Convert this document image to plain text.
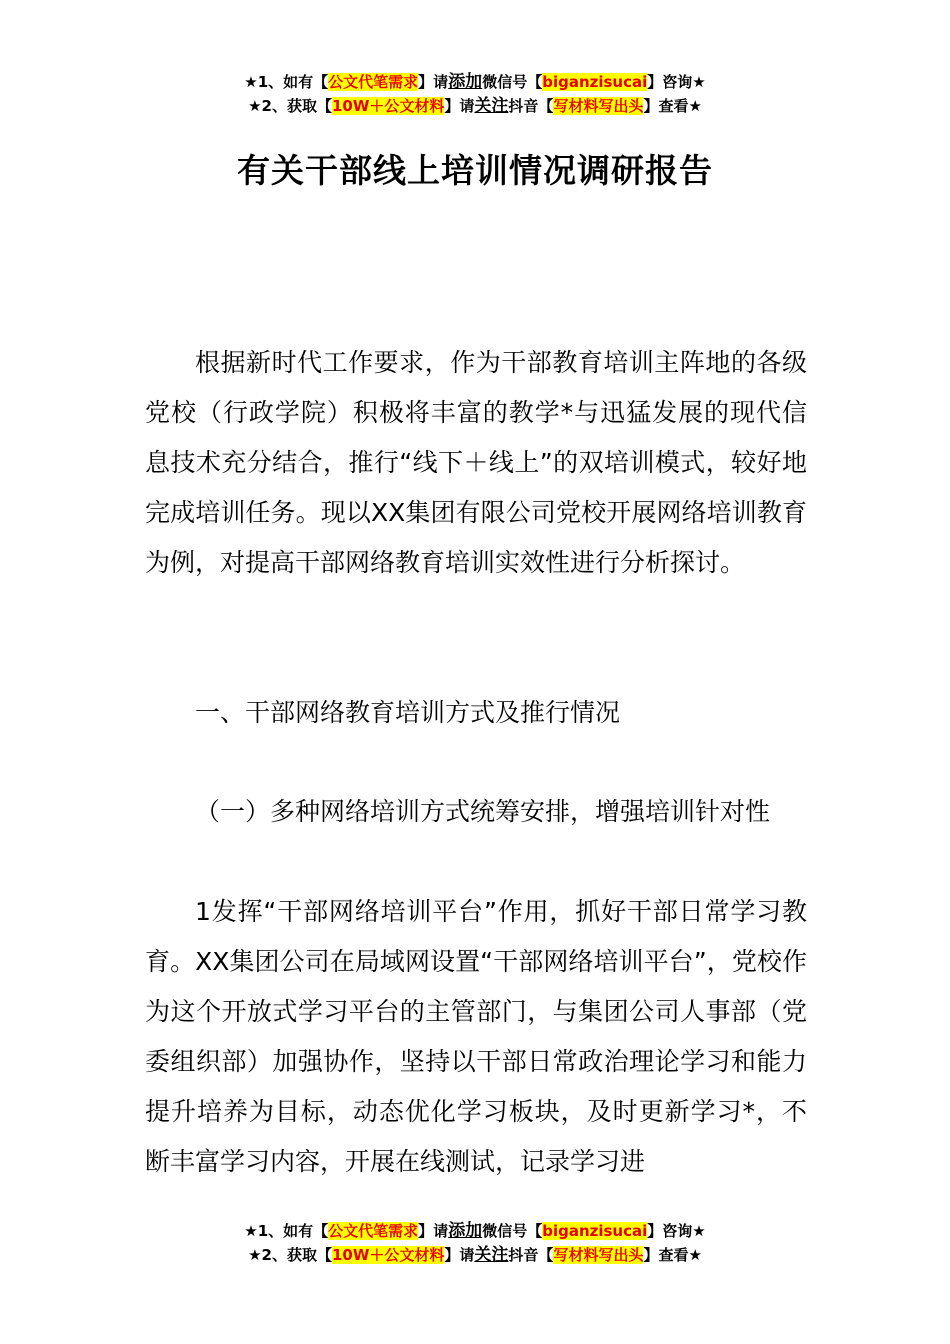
★1、如有【公文代笔需求】请添加微信号【biganzisucai】咨询★
★2、获取【10W＋公文材料】请关注抖音【写材料写出头】查看★
有关干部线上培训情况调研报告

根据新时代工作要求，作为干部教育培训主阵地的各级党校（行政学院）积极将丰富的教学*与迅猛发展的现代信息技术充分结合，推行“线下＋线上”的双培训模式，较好地完成培训任务。现以XX集团有限公司党校开展网络培训教育为例，对提高干部网络教育培训实效性进行分析探讨。

一、干部网络教育培训方式及推行情况

（一）多种网络培训方式统筹安排，增强培训针对性

1发挥“干部网络培训平台”作用，抓好干部日常学习教育。XX集团公司在局域网设置“干部网络培训平台”，党校作为这个开放式学习平台的主管部门，与集团公司人事部（党委组织部）加强协作，坚持以干部日常政治理论学习和能力提升培养为目标，动态优化学习板块，及时更新学习*，不断丰富学习内容，开展在线测试，记录学习进

★1、如有【公文代笔需求】请添加微信号【biganzisucai】咨询★
★2、获取【10W＋公文材料】请关注抖音【写材料写出头】查看★
